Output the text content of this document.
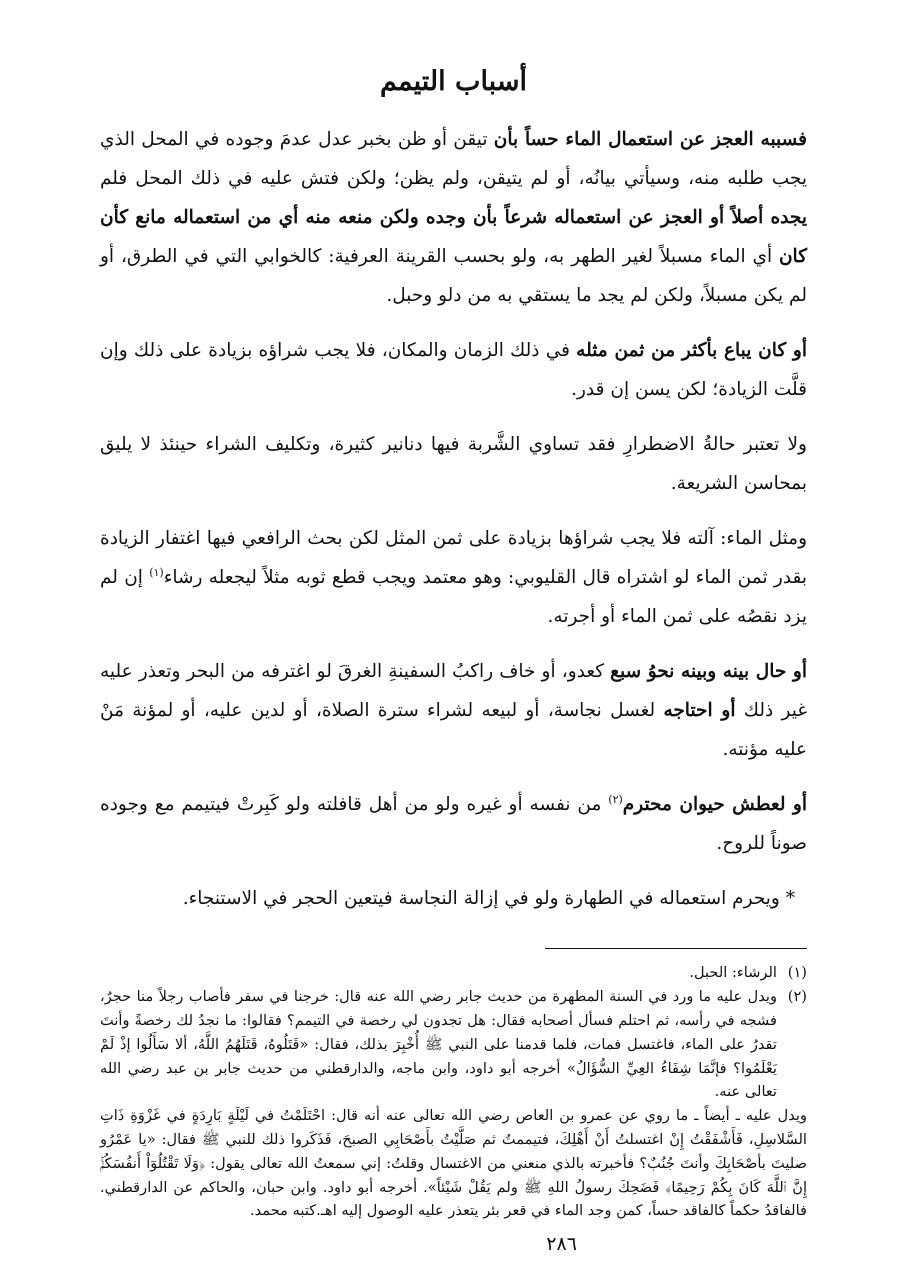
أسباب التيمم

فسببه العجز عن استعمال الماء حساً بأن تيقن أو ظن بخبر عدل عدمَ وجوده في المحل الذي يجب طلبه منه، وسيأتي بيانُه، أو لم يتيقن، ولم يظن؛ ولكن فتش عليه في ذلك المحل فلم يجده أصلاً أو العجز عن استعماله شرعاً بأن وجده ولكن منعه منه أي من استعماله مانع كأن كان أي الماء مسبلاً لغير الطهر به، ولو بحسب القرينة العرفية: كالخوابي التي في الطرق، أو لم يكن مسبلاً، ولكن لم يجد ما يستقي به من دلو وحبل.

أو كان يباع بأكثر من ثمن مثله في ذلك الزمان والمكان، فلا يجب شراؤه بزيادة على ذلك وإن قلَّت الزيادة؛ لكن يسن إن قدر.

ولا تعتبر حالةُ الاضطرارِ فقد تساوي الشَّربة فيها دنانير كثيرة، وتكليف الشراء حينئذ لا يليق بمحاسن الشريعة.

ومثل الماء: آلته فلا يجب شراؤها بزيادة على ثمن المثل لكن بحث الرافعي فيها اغتفار الزيادة بقدر ثمن الماء لو اشتراه قال القليوبي: وهو معتمد ويجب قطع ثوبه مثلاً ليجعله رشاء$^{(١)}$ إن لم يزد نقصُه على ثمن الماء أو أجرته.

أو حال بينه وبينه نحوُ سبع كعدو، أو خاف راكبُ السفينةِ الغرقَ لو اغترفه من البحر وتعذر عليه غير ذلك أو احتاجه لغسل نجاسة، أو لبيعه لشراء سترة الصلاة، أو لدين عليه، أو لمؤنة مَنْ عليه مؤنته.

أو لعطش حيوان محترم$^{(٢)}$ من نفسه أو غيره ولو من أهل قافلته ولو كَبِرتْ فيتيمم مع وجوده صوناً للروح.

* ويحرم استعماله في الطهارة ولو في إزالة النجاسة فيتعين الحجر في الاستنجاء.

(١)
الرشاء: الحبل.
(٢)

ويدل عليه ما ورد في السنة المطهرة من حديث جابر رضي الله عنه قال: خرجنا في سفر فأصاب رجلاً منا حجرٌ، فشجه في رأسه، ثم احتلم فسأل أصحابه فقال: هل تجدون لي رخصة في التيمم؟ فقالوا: ما نجدُ لك رخصةً وأنتَ تقدرُ على الماء، فاغتسل فمات، فلما قدمنا على النبي ﷺ أُخْبِرَ بذلك، فقال: «قَتَلُوهُ، قَتَلَهُمُ اللَّهُ، ألا سَأَلُوا إذْ لَمْ يَعْلَمُوا؟ فإنَّمَا شِفَاءُ العِيِّ السُّؤَالُ» أخرجه أبو داود، وابن ماجه، والدارقطني من حديث جابر بن عبد رضي الله تعالى عنه.

ويدل عليه ـ أيضاً ـ ما روي عن عمرو بن العاص رضي الله تعالى عنه أنه قال: احْتَلَمْتُ في لَيْلَةٍ بَارِدَةٍ في غَزْوَةِ ذَاتِ السَّلاسِلِ، فَأَشْفَقْتُ إِنْ اغتسلتُ أَنْ أَهْلِكَ، فتيممتُ ثم صَلَّيْتُ بأَصْحَابِي الصبحَ، فَذَكَروا ذلك للنبي ﷺ فقال: «يا عَمْرُو صليتَ بأصْحَابِكَ وأنتَ جُنُبٌ؟ فأخبرته بالذي منعني من الاغتسال وقلتُ: إني سمعتُ الله تعالى يقول: ﴿وَلَا تَقْتُلُوٓاْ أَنفُسَكُمْۚ إِنَّ ٱللَّهَ كَانَ بِكُمْ رَحِيمًا﴾ فَضَحِكَ رسولُ اللهِ ﷺ ولم يَقُلْ شَيْئاً». أخرجه أبو داود. وابن حبان، والحاكم عن الدارقطني. فالفاقدُ حكماً كالفاقد حساً، كمن وجد الماء في قعر بئر يتعذر عليه الوصول إليه اهـ.

كتبه محمد.
٢٨٦
